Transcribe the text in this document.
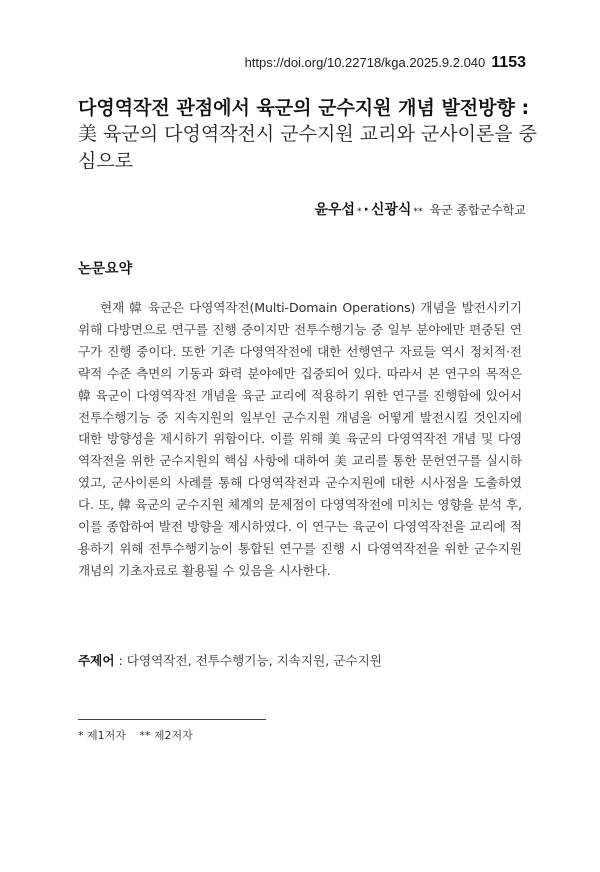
https://doi.org/10.22718/kga.2025.9.2.040 1153

다영역작전 관점에서 육군의 군수지원 개념 발전방향 :

美 육군의 다영역작전시 군수지원 교리와 군사이론을 중심으로

윤우섭 * · 신광식 ** 육군 종합군수학교
논문요약

현재 韓 육군은 다영역작전(Multi-Domain Operations) 개념을 발전시키기 위해 다방면으로 연구를 진행 중이지만 전투수행기능 중 일부 분야에만 편중된 연구가 진행 중이다. 또한 기존 다영역작전에 대한 선행연구 자료들 역시 정치적·전략적 수준 측면의 기동과 화력 분야에만 집중되어 있다. 따라서 본 연구의 목적은 韓 육군이 다영역작전 개념을 육군 교리에 적용하기 위한 연구를 진행함에 있어서 전투수행기능 중 지속지원의 일부인 군수지원 개념을 어떻게 발전시킬 것인지에 대한 방향성을 제시하기 위함이다. 이를 위해 美 육군의 다영역작전 개념 및 다영역작전을 위한 군수지원의 핵심 사항에 대하여 美 교리를 통한 문헌연구를 실시하였고, 군사이론의 사례를 통해 다영역작전과 군수지원에 대한 시사점을 도출하였다. 또, 韓 육군의 군수지원 체계의 문제점이 다영역작전에 미치는 영향을 분석 후, 이를 종합하여 발전 방향을 제시하였다. 이 연구는 육군이 다영역작전을 교리에 적용하기 위해 전투수행기능이 통합된 연구를 진행 시 다영역작전을 위한 군수지원 개념의 기초자료로 활용될 수 있음을 시사한다.

주제어 : 다영역작전, 전투수행기능, 지속지원, 군수지원
* 제1저자 ** 제2저자
